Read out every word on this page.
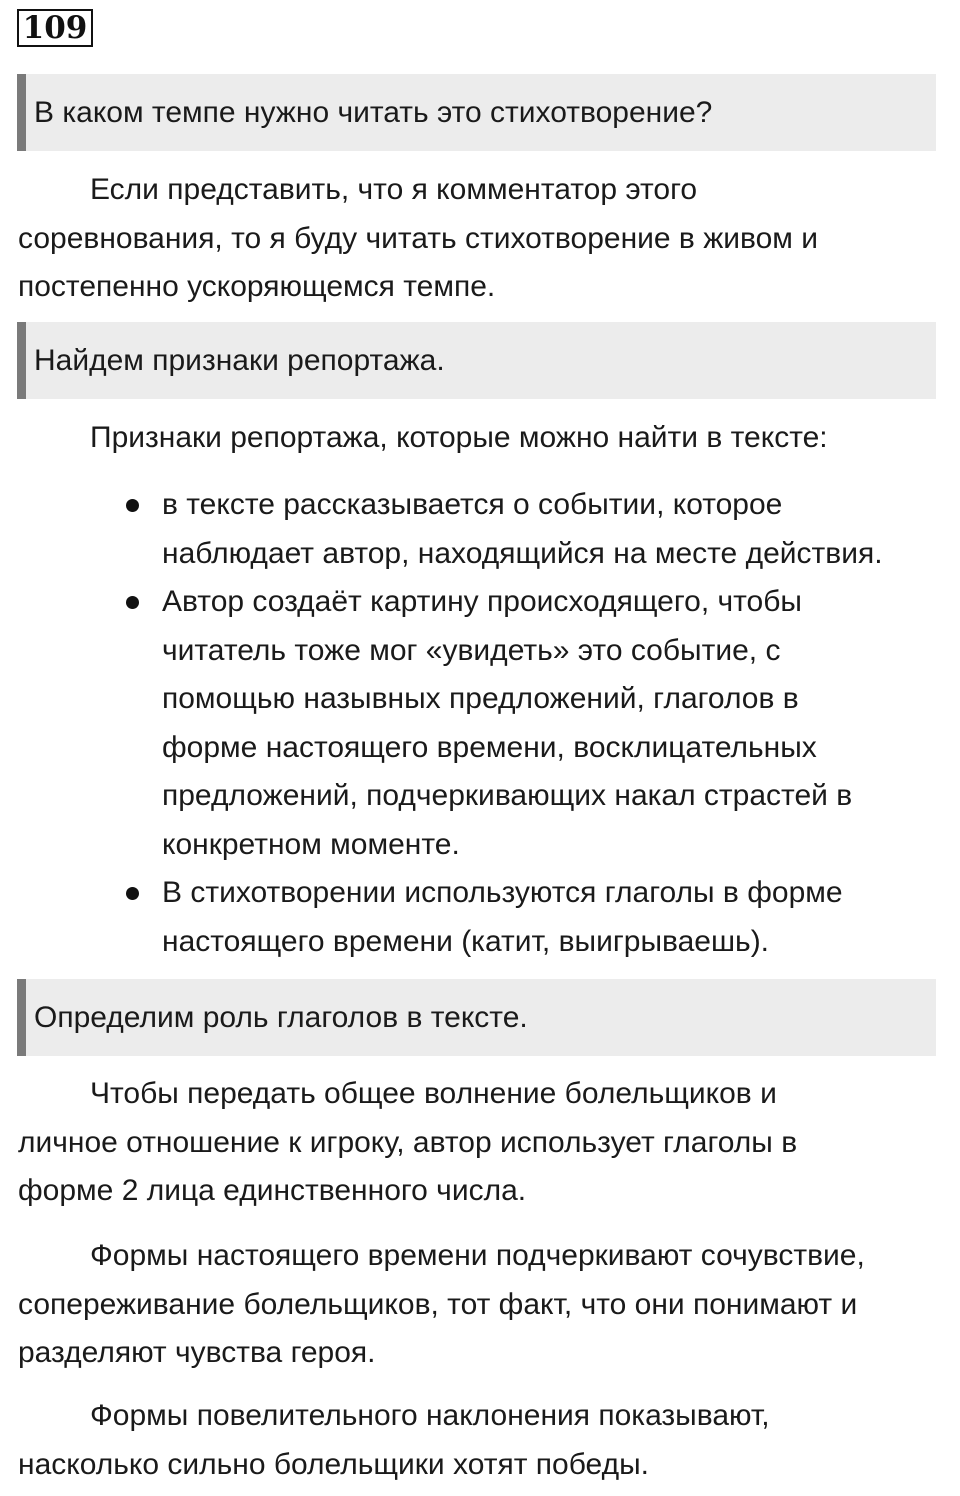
109
В каком темпе нужно читать это стихотворение?

Если представить, что я комментатор этого
соревнования, то я буду читать стихотворение в живом и
постепенно ускоряющемся темпе.

Найдем признаки репортажа.

Признаки репортажа, которые можно найти в тексте:

в тексте рассказывается о событии, которое
наблюдает автор, находящийся на месте действия.
Автор создаёт картину происходящего, чтобы
читатель тоже мог «увидеть» это событие, с
помощью назывных предложений, глаголов в
форме настоящего времени, восклицательных
предложений, подчеркивающих накал страстей в
конкретном моменте.
В стихотворении используются глаголы в форме
настоящего времени (катит, выигрываешь).
Определим роль глаголов в тексте.

Чтобы передать общее волнение болельщиков и
личное отношение к игроку, автор использует глаголы в
форме 2 лица единственного числа.

Формы настоящего времени подчеркивают сочувствие,
сопереживание болельщиков, тот факт, что они понимают и
разделяют чувства героя.

Формы повелительного наклонения показывают,
насколько сильно болельщики хотят победы.
